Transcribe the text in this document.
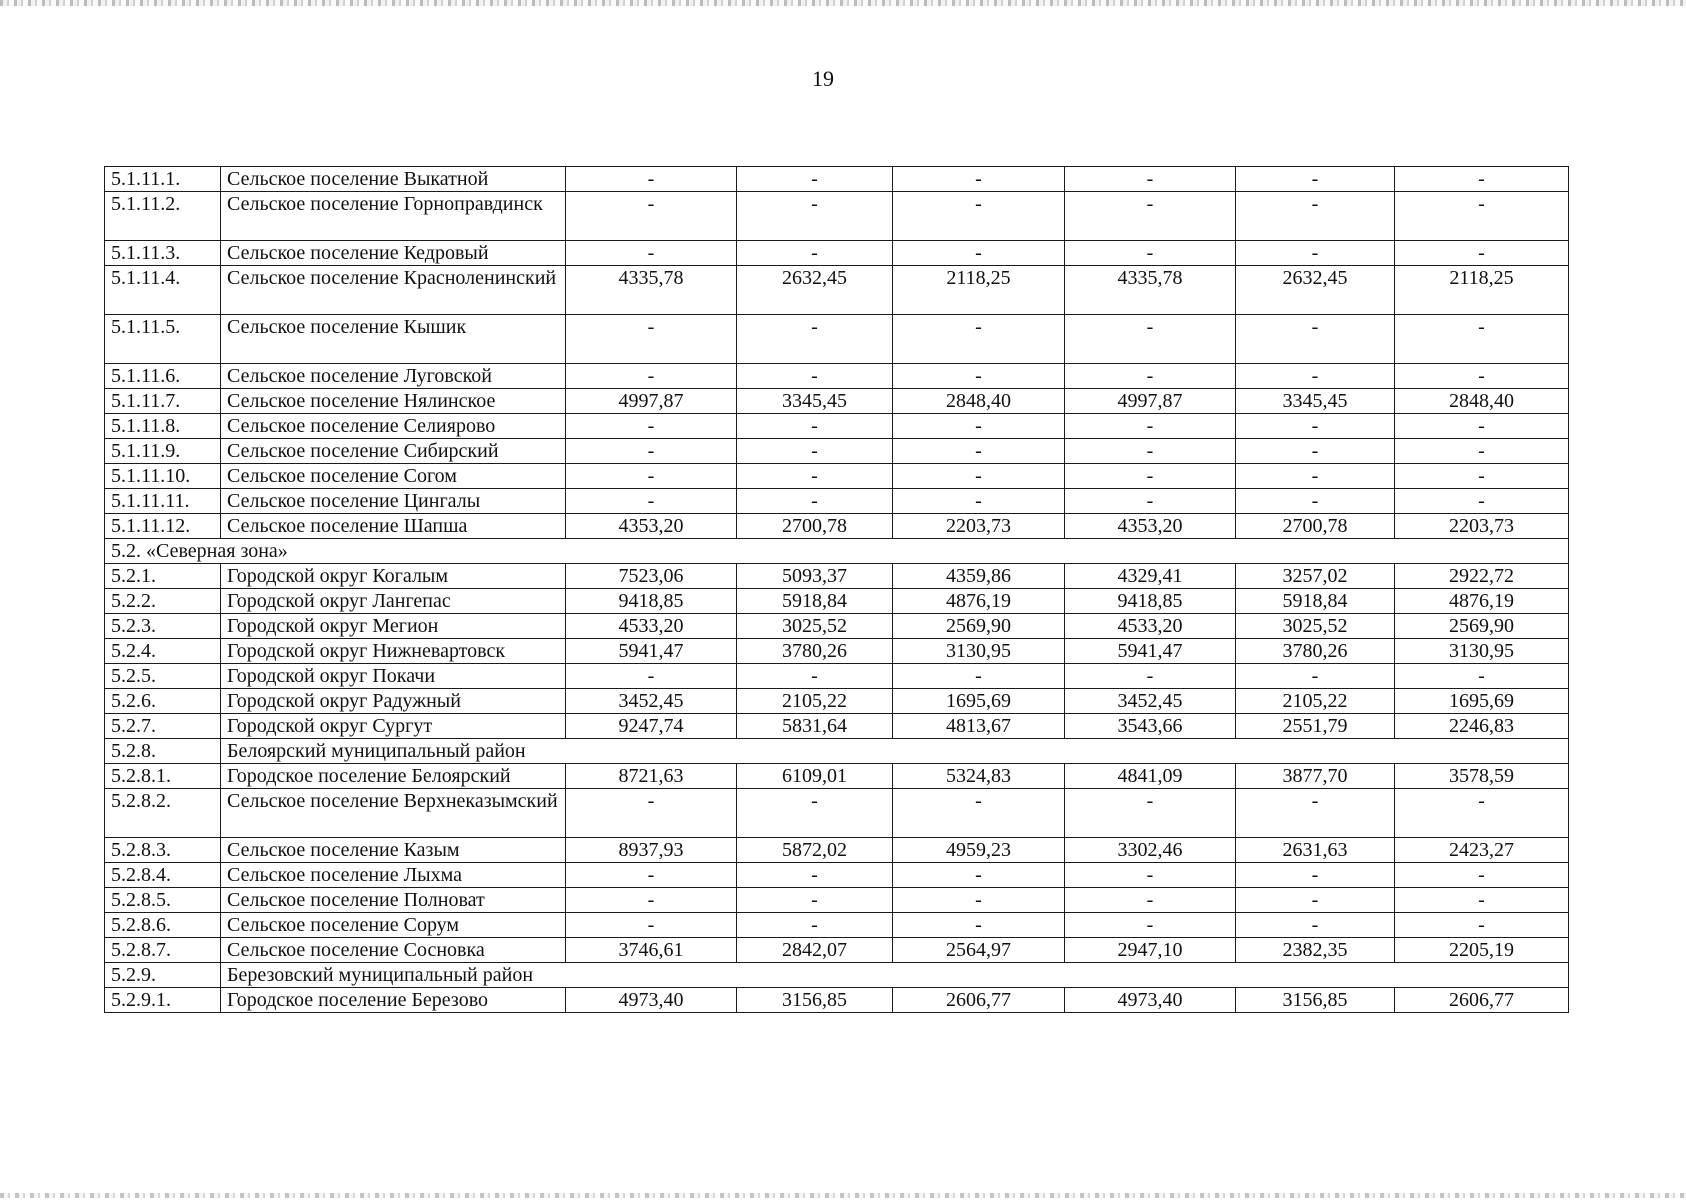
19
5.1.11.1.	Сельское поселение Выкатной	-	-	-	-	-	-
5.1.11.2.	Сельское поселение Горноправдинск	-	-	-	-	-	-
5.1.11.3.	Сельское поселение Кедровый	-	-	-	-	-	-
5.1.11.4.	Сельское поселение Красноленинский	4335,78	2632,45	2118,25	4335,78	2632,45	2118,25
5.1.11.5.	Сельское поселение Кышик	-	-	-	-	-	-
5.1.11.6.	Сельское поселение Луговской	-	-	-	-	-	-
5.1.11.7.	Сельское поселение Нялинское	4997,87	3345,45	2848,40	4997,87	3345,45	2848,40
5.1.11.8.	Сельское поселение Селиярово	-	-	-	-	-	-
5.1.11.9.	Сельское поселение Сибирский	-	-	-	-	-	-
5.1.11.10.	Сельское поселение Согом	-	-	-	-	-	-
5.1.11.11.	Сельское поселение Цингалы	-	-	-	-	-	-
5.1.11.12.	Сельское поселение Шапша	4353,20	2700,78	2203,73	4353,20	2700,78	2203,73
5.2. «Северная зона»							
5.2.1.	Городской округ Когалым	7523,06	5093,37	4359,86	4329,41	3257,02	2922,72
5.2.2.	Городской округ Лангепас	9418,85	5918,84	4876,19	9418,85	5918,84	4876,19
5.2.3.	Городской округ Мегион	4533,20	3025,52	2569,90	4533,20	3025,52	2569,90
5.2.4.	Городской округ Нижневартовск	5941,47	3780,26	3130,95	5941,47	3780,26	3130,95
5.2.5.	Городской округ Покачи	-	-	-	-	-	-
5.2.6.	Городской округ Радужный	3452,45	2105,22	1695,69	3452,45	2105,22	1695,69
5.2.7.	Городской округ Сургут	9247,74	5831,64	4813,67	3543,66	2551,79	2246,83
5.2.8.	Белоярский муниципальный район						
5.2.8.1.	Городское поселение Белоярский	8721,63	6109,01	5324,83	4841,09	3877,70	3578,59
5.2.8.2.	Сельское поселение Верхнеказымский	-	-	-	-	-	-
5.2.8.3.	Сельское поселение Казым	8937,93	5872,02	4959,23	3302,46	2631,63	2423,27
5.2.8.4.	Сельское поселение Лыхма	-	-	-	-	-	-
5.2.8.5.	Сельское поселение Полноват	-	-	-	-	-	-
5.2.8.6.	Сельское поселение Сорум	-	-	-	-	-	-
5.2.8.7.	Сельское поселение Сосновка	3746,61	2842,07	2564,97	2947,10	2382,35	2205,19
5.2.9.	Березовский муниципальный район						
5.2.9.1.	Городское поселение Березово	4973,40	3156,85	2606,77	4973,40	3156,85	2606,77
